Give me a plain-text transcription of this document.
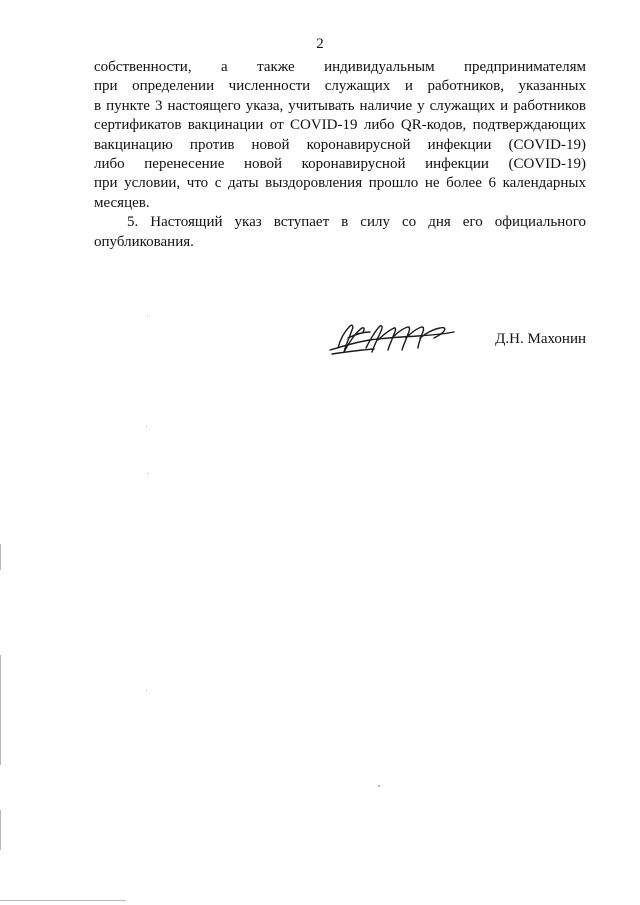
2

собственности, а также индивидуальным предпринимателям
при определении численности служащих и работников, указанных
в пункте 3 настоящего указа, учитывать наличие у служащих и работников
сертификатов вакцинации от COVID-19 либо QR-кодов, подтверждающих
вакцинацию против новой коронавирусной инфекции (COVID-19)
либо перенесение новой коронавирусной инфекции (COVID-19)
при условии, что с даты выздоровления прошло не более 6 календарных
месяцев.

5. Настоящий указ вступает в силу со дня его официального
опубликования.

Д.Н. Махонин
